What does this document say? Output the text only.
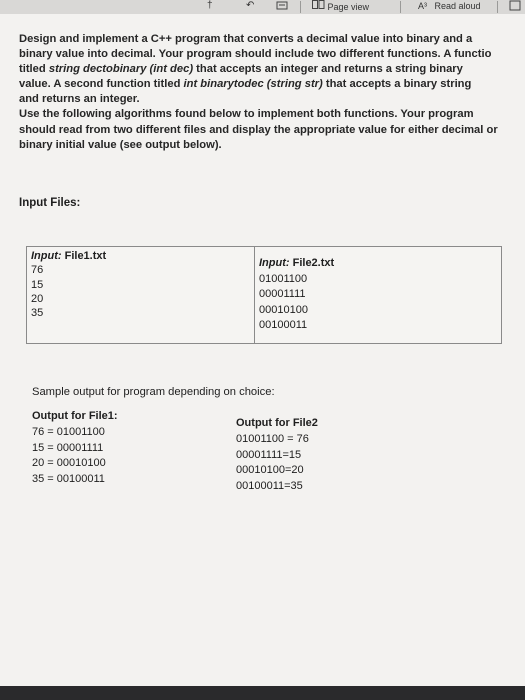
†	↶	Page view	A³ Read aloud
Design and implement a C++ program that converts a decimal value into binary and a
binary value into decimal. Your program should include two different functions. A functio
titled string dectobinary (int dec) that accepts an integer and returns a string binary
value. A second function titled int binarytodec (string str) that accepts a binary string
and returns an integer.
Use the following algorithms found below to implement both functions. Your program
should read from two different files and display the appropriate value for either decimal or
binary initial value (see output below).
Input Files:
Input: File1.txt
76
15
20
35
Input: File2.txt
01001100
00001111
00010100
00100011
Sample output for program depending on choice:
Output for File1:
76 = 01001100
15 = 00001111
20 = 00010100
35 = 00100011
Output for File2
01001100 = 76
00001111=15
00010100=20
00100011=35
